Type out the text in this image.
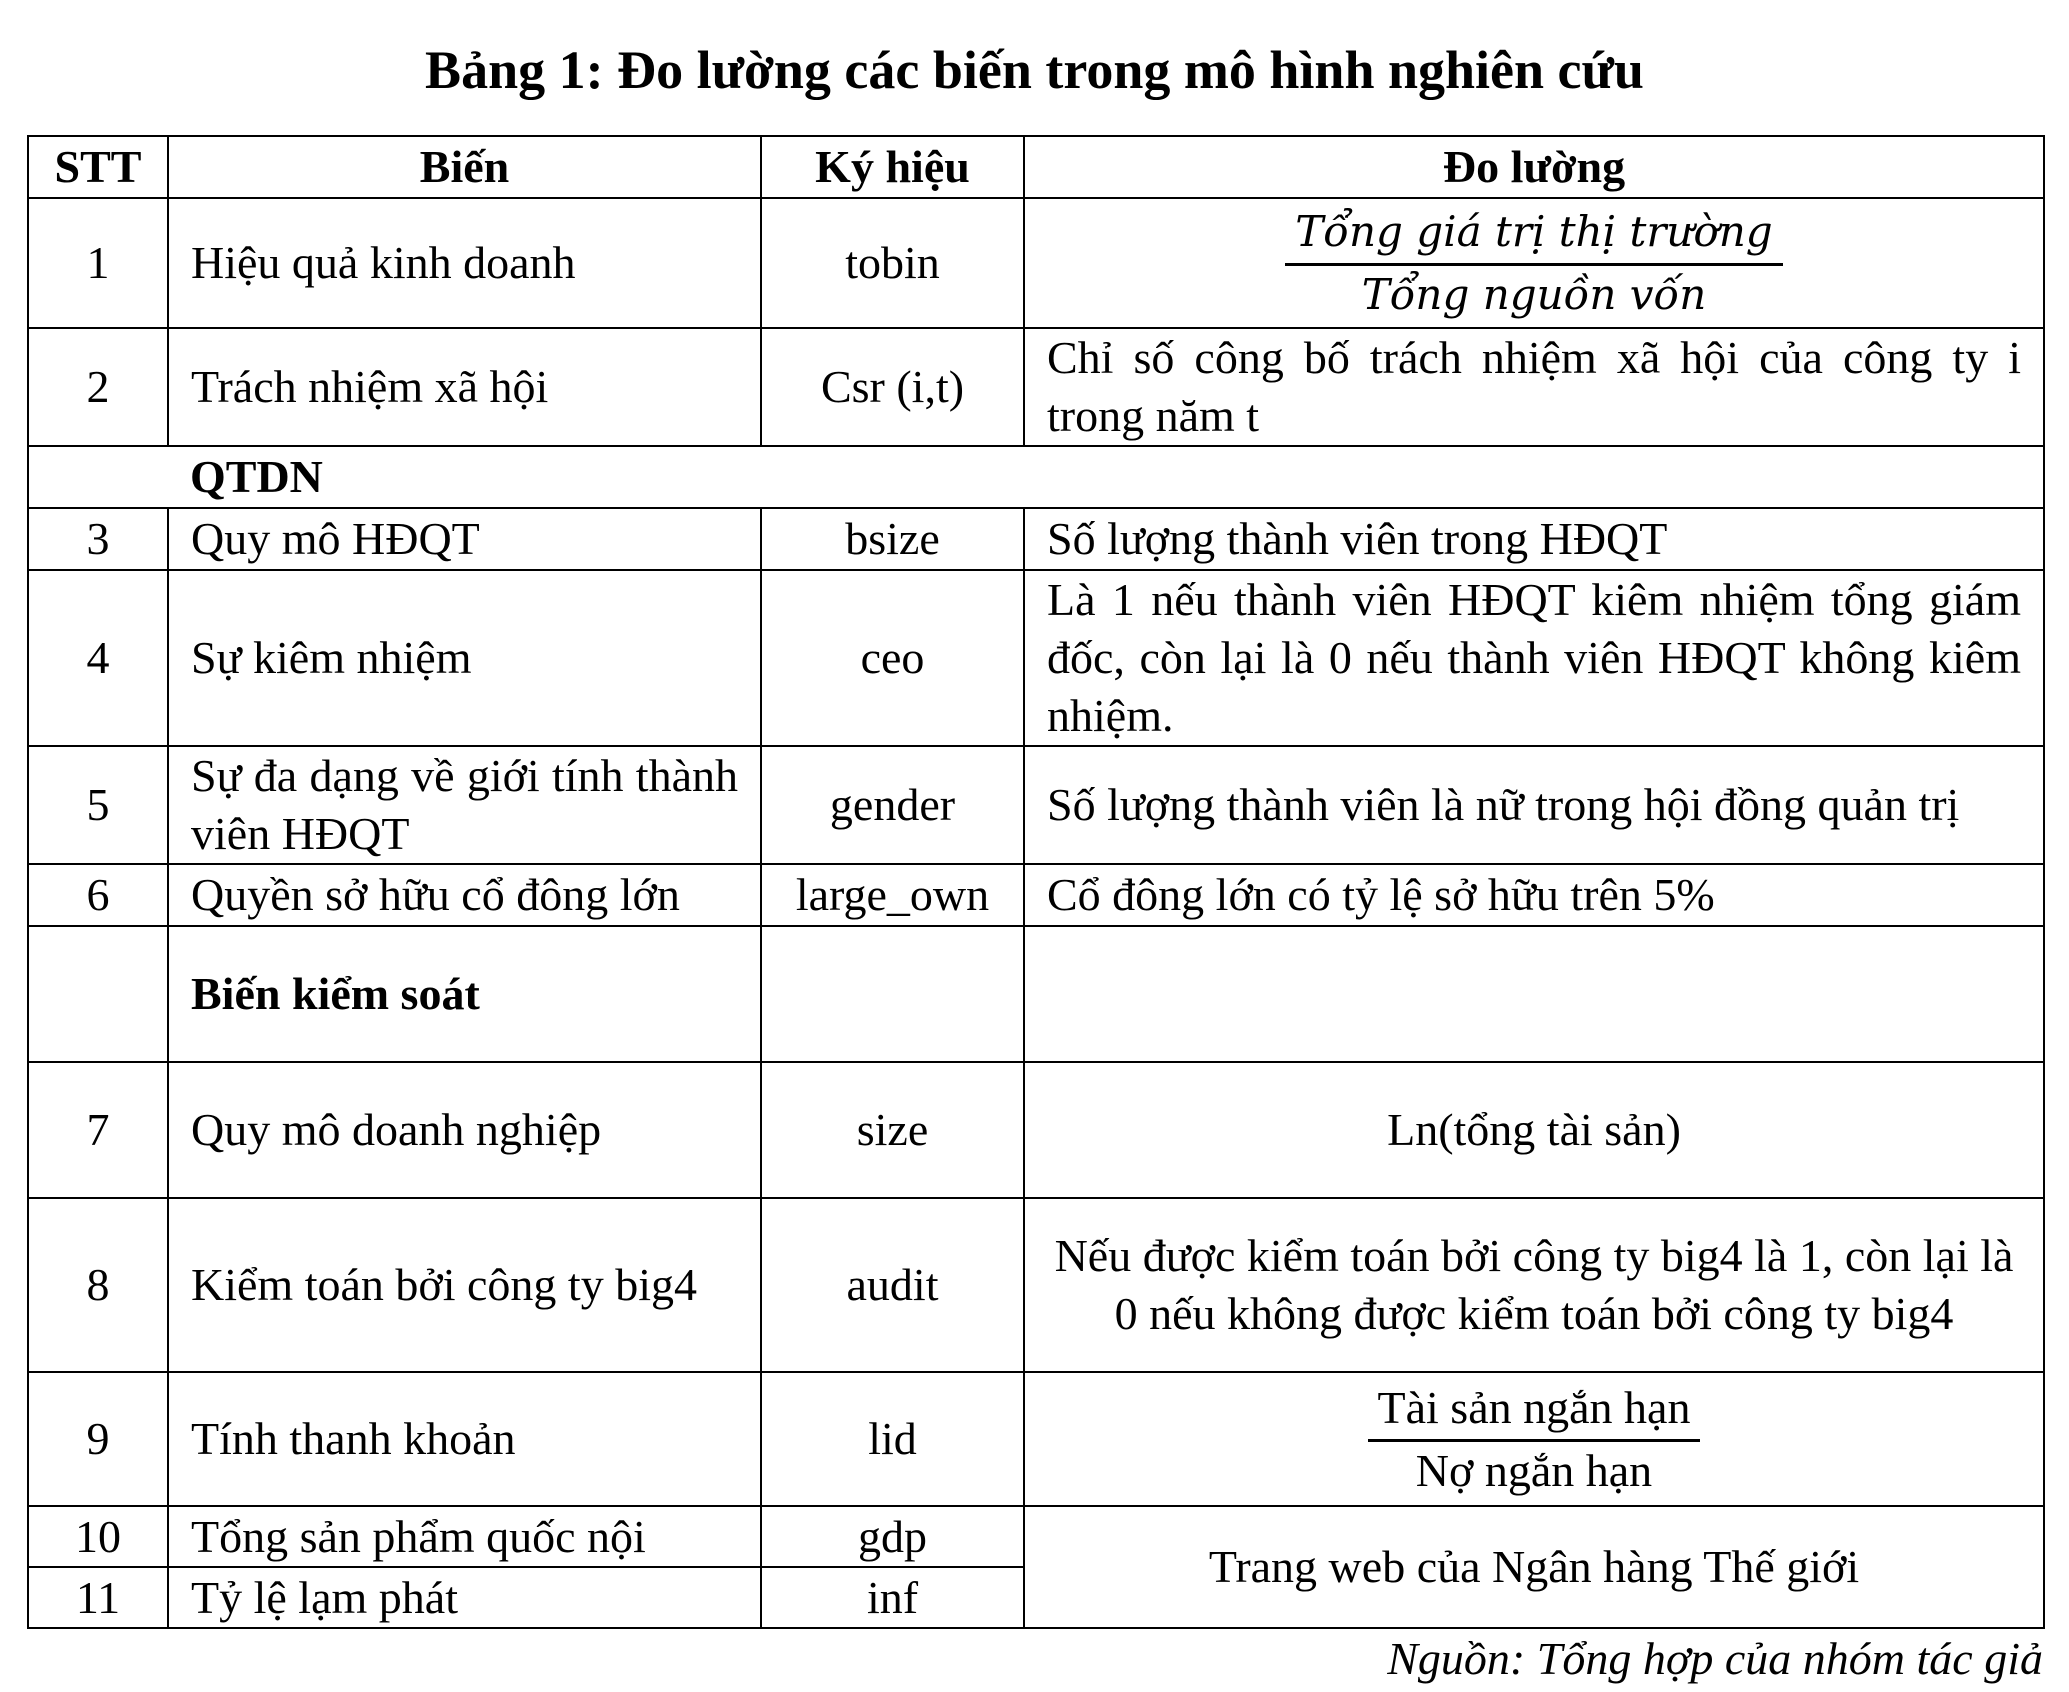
Bảng 1: Đo lường các biến trong mô hình nghiên cứu
STT	Biến	Ký hiệu	Đo lường
1	Hiệu quả kinh doanh	tobin	$\frac{\text{Tổng giá trị thị trường}}{\text{Tổng nguồn vốn}}$

2	Trách nhiệm xã hội	Csr (i,t)	Chỉ số công bố trách nhiệm xã hội của công ty i trong năm t
	QTDN		
3	Quy mô HĐQT	bsize	Số lượng thành viên trong HĐQT
4	Sự kiêm nhiệm	ceo	Là 1 nếu thành viên HĐQT kiêm nhiệm tổng giám đốc, còn lại là 0 nếu thành viên HĐQT không kiêm nhiệm.
5	Sự đa dạng về giới tính thành viên HĐQT	gender	Số lượng thành viên là nữ trong hội đồng quản trị
6	Quyền sở hữu cổ đông lớn	large_own	Cổ đông lớn có tỷ lệ sở hữu trên 5%
	Biến kiểm soát		
7	Quy mô doanh nghiệp	size	Ln(tổng tài sản)
8	Kiểm toán bởi công ty big4	audit	Nếu được kiểm toán bởi công ty big4 là 1, còn lại là 0 nếu không được kiểm toán bởi công ty big4
9	Tính thanh khoản	lid	$\frac{\text{Tài sản ngắn hạn}}{\text{Nợ ngắn hạn}}$

10	Tổng sản phẩm quốc nội	gdp	Trang web của Ngân hàng Thế giới
11	Tỷ lệ lạm phát	inf	
Nguồn: Tổng hợp của nhóm tác giả
